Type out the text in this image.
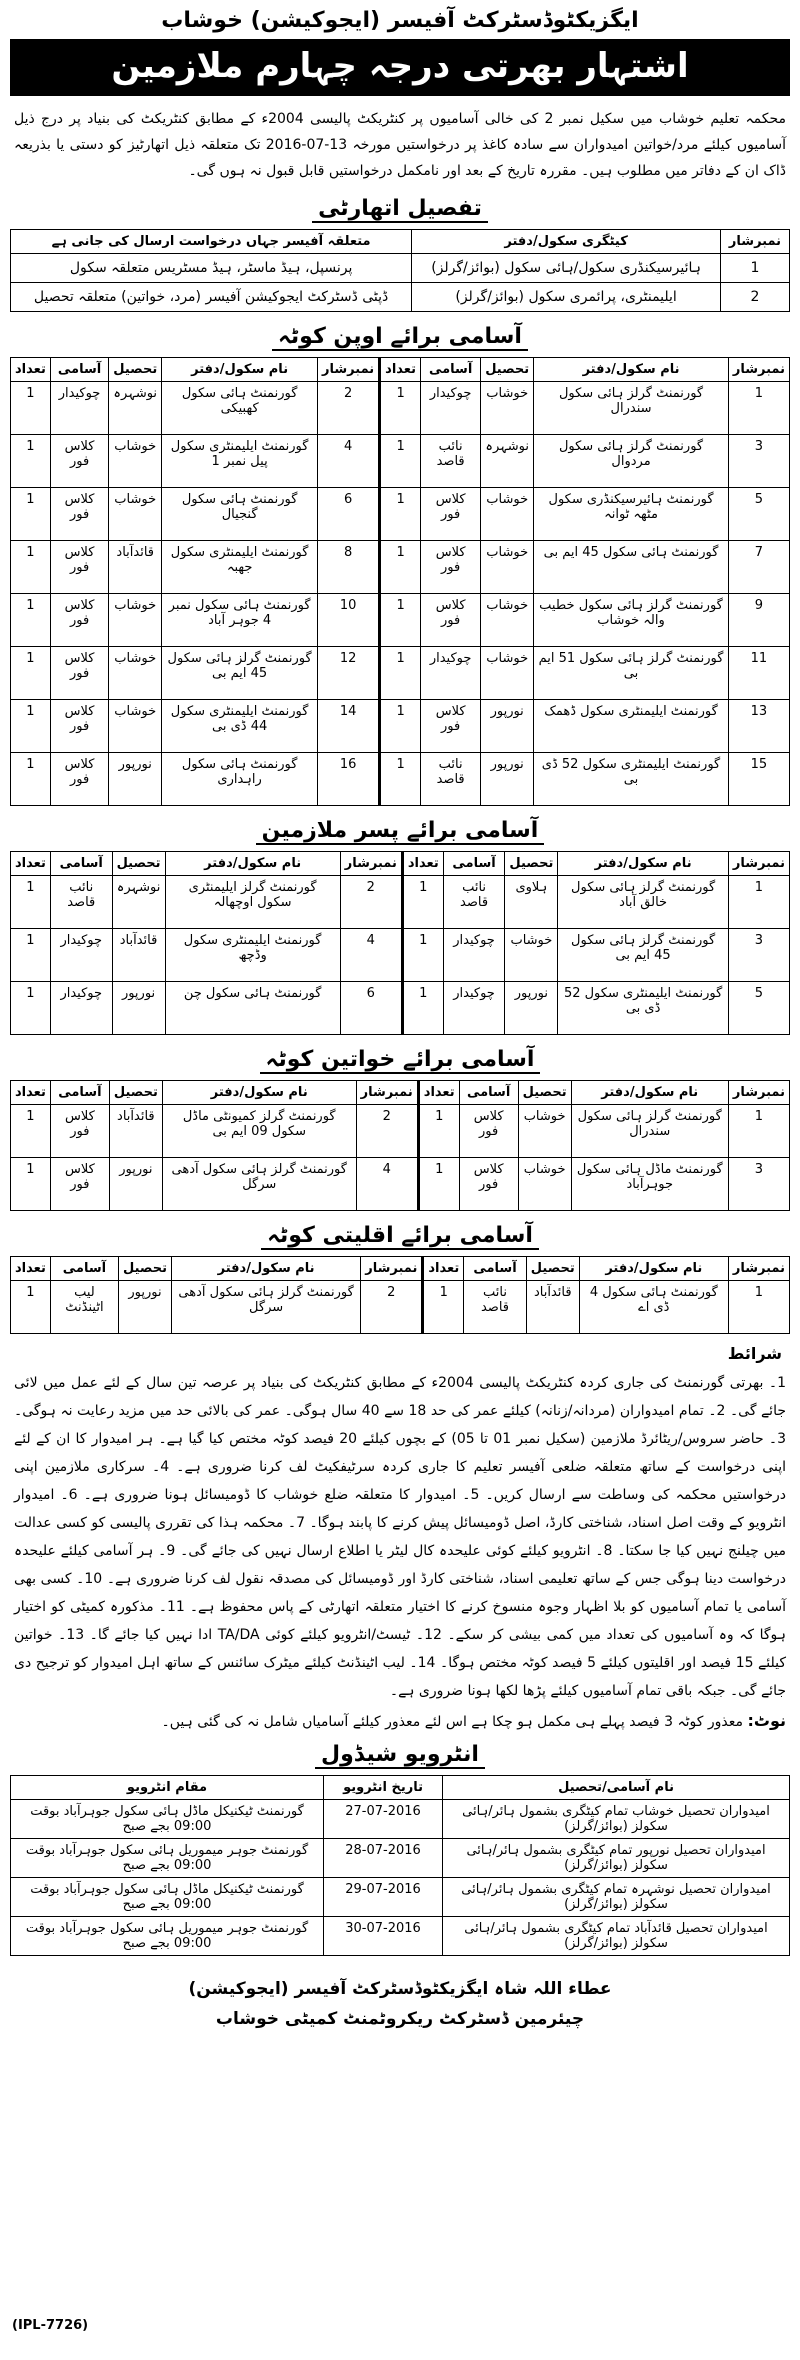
ایگزیکٹوڈسٹرکٹ آفیسر (ایجوکیشن) خوشاب
اشتہار بھرتی درجہ چہارم ملازمین
محکمہ تعلیم خوشاب میں سکیل نمبر 2 کی خالی آسامیوں پر کنٹریکٹ پالیسی 2004ء کے مطابق کنٹریکٹ کی بنیاد پر درج ذیل آسامیوں کیلئے مرد/خواتین امیدواران سے سادہ کاغذ پر درخواستیں مورخہ 13-07-2016 تک متعلقہ ذیل اتھارٹیز کو دستی یا بذریعہ ڈاک ان کے دفاتر میں مطلوب ہیں۔ مقررہ تاریخ کے بعد اور نامکمل درخواستیں قابل قبول نہ ہوں گی۔
تفصیل اتھارٹی
نمبرشار	کیٹگری سکول/دفتر	متعلقہ آفیسر جہاں درخواست ارسال کی جانی ہے
1	ہائیرسیکنڈری سکول/ہائی سکول (بوائز/گرلز)	پرنسپل، ہیڈ ماسٹر، ہیڈ مسٹریس متعلقہ سکول
2	ایلیمنٹری، پرائمری سکول (بوائز/گرلز)	ڈپٹی ڈسٹرکٹ ایجوکیشن آفیسر (مرد، خواتین) متعلقہ تحصیل
آسامی برائے اوپن کوٹہ
نمبرشار	نام سکول/دفتر	تحصیل	آسامی	تعداد	نمبرشار	نام سکول/دفتر	تحصیل	آسامی	تعداد
1	گورنمنٹ گرلز ہائی سکول سندرال	خوشاب	چوکیدار	1	2	گورنمنٹ ہائی سکول کھبیکی	نوشہرہ	چوکیدار	1
3	گورنمنٹ گرلز ہائی سکول مردوال	نوشہرہ	نائب قاصد	1	4	گورنمنٹ ایلیمنٹری سکول پیل نمبر 1	خوشاب	کلاس فور	1
5	گورنمنٹ ہائیرسیکنڈری سکول مٹھہ ٹوانہ	خوشاب	کلاس فور	1	6	گورنمنٹ ہائی سکول گنجیال	خوشاب	کلاس فور	1
7	گورنمنٹ ہائی سکول 45 ایم بی	خوشاب	کلاس فور	1	8	گورنمنٹ ایلیمنٹری سکول جھبہ	قائدآباد	کلاس فور	1
9	گورنمنٹ گرلز ہائی سکول خطیب والہ خوشاب	خوشاب	کلاس فور	1	10	گورنمنٹ ہائی سکول نمبر 4 جوہر آباد	خوشاب	کلاس فور	1
11	گورنمنٹ گرلز ہائی سکول 51 ایم بی	خوشاب	چوکیدار	1	12	گورنمنٹ گرلز ہائی سکول 45 ایم بی	خوشاب	کلاس فور	1
13	گورنمنٹ ایلیمنٹری سکول ڈھمک	نورپور	کلاس فور	1	14	گورنمنٹ ایلیمنٹری سکول 44 ڈی بی	خوشاب	کلاس فور	1
15	گورنمنٹ ایلیمنٹری سکول 52 ڈی بی	نورپور	نائب قاصد	1	16	گورنمنٹ ہائی سکول راہداری	نورپور	کلاس فور	1
آسامی برائے پسر ملازمین
نمبرشار	نام سکول/دفتر	تحصیل	آسامی	تعداد	نمبرشار	نام سکول/دفتر	تحصیل	آسامی	تعداد
1	گورنمنٹ گرلز ہائی سکول خالق آباد	ہلاوی	نائب قاصد	1	2	گورنمنٹ گرلز ایلیمنٹری سکول اوچھالہ	نوشہرہ	نائب قاصد	1
3	گورنمنٹ گرلز ہائی سکول 45 ایم بی	خوشاب	چوکیدار	1	4	گورنمنٹ ایلیمنٹری سکول وڈچھ	قائدآباد	چوکیدار	1
5	گورنمنٹ ایلیمنٹری سکول 52 ڈی بی	نورپور	چوکیدار	1	6	گورنمنٹ ہائی سکول چن	نورپور	چوکیدار	1
آسامی برائے خواتین کوٹہ
نمبرشار	نام سکول/دفتر	تحصیل	آسامی	تعداد	نمبرشار	نام سکول/دفتر	تحصیل	آسامی	تعداد
1	گورنمنٹ گرلز ہائی سکول سندرال	خوشاب	کلاس فور	1	2	گورنمنٹ گرلز کمیونٹی ماڈل سکول 09 ایم بی	قائدآباد	کلاس فور	1
3	گورنمنٹ ماڈل ہائی سکول جوہرآباد	خوشاب	کلاس فور	1	4	گورنمنٹ گرلز ہائی سکول آدھی سرگل	نورپور	کلاس فور	1
آسامی برائے اقلیتی کوٹہ
نمبرشار	نام سکول/دفتر	تحصیل	آسامی	تعداد	نمبرشار	نام سکول/دفتر	تحصیل	آسامی	تعداد
1	گورنمنٹ ہائی سکول 4 ڈی اے	قائدآباد	نائب قاصد	1	2	گورنمنٹ گرلز ہائی سکول آدھی سرگل	نورپور	لیب اٹینڈنٹ	1
شرائط
1۔ بھرتی گورنمنٹ کی جاری کردہ کنٹریکٹ پالیسی 2004ء کے مطابق کنٹریکٹ کی بنیاد پر عرصہ تین سال کے لئے عمل میں لائی جائے گی۔ 2۔ تمام امیدواران (مردانہ/زنانہ) کیلئے عمر کی حد 18 سے 40 سال ہوگی۔ عمر کی بالائی حد میں مزید رعایت نہ ہوگی۔ 3۔ حاضر سروس/ریٹائرڈ ملازمین (سکیل نمبر 01 تا 05) کے بچوں کیلئے 20 فیصد کوٹہ مختص کیا گیا ہے۔ ہر امیدوار کا ان کے لئے اپنی درخواست کے ساتھ متعلقہ ضلعی آفیسر تعلیم کا جاری کردہ سرٹیفکیٹ لف کرنا ضروری ہے۔ 4۔ سرکاری ملازمین اپنی درخواستیں محکمہ کی وساطت سے ارسال کریں۔ 5۔ امیدوار کا متعلقہ ضلع خوشاب کا ڈومیسائل ہونا ضروری ہے۔ 6۔ امیدوار انٹرویو کے وقت اصل اسناد، شناختی کارڈ، اصل ڈومیسائل پیش کرنے کا پابند ہوگا۔ 7۔ محکمہ ہذا کی تقرری پالیسی کو کسی عدالت میں چیلنج نہیں کیا جا سکتا۔ 8۔ انٹرویو کیلئے کوئی علیحدہ کال لیٹر یا اطلاع ارسال نہیں کی جائے گی۔ 9۔ ہر آسامی کیلئے علیحدہ درخواست دینا ہوگی جس کے ساتھ تعلیمی اسناد، شناختی کارڈ اور ڈومیسائل کی مصدقہ نقول لف کرنا ضروری ہے۔ 10۔ کسی بھی آسامی یا تمام آسامیوں کو بلا اظہار وجوہ منسوخ کرنے کا اختیار متعلقہ اتھارٹی کے پاس محفوظ ہے۔ 11۔ مذکورہ کمیٹی کو اختیار ہوگا کہ وہ آسامیوں کی تعداد میں کمی بیشی کر سکے۔ 12۔ ٹیسٹ/انٹرویو کیلئے کوئی TA/DA ادا نہیں کیا جائے گا۔ 13۔ خواتین کیلئے 15 فیصد اور اقلیتوں کیلئے 5 فیصد کوٹہ مختص ہوگا۔ 14۔ لیب اٹینڈنٹ کیلئے میٹرک سائنس کے ساتھ اہل امیدوار کو ترجیح دی جائے گی۔ جبکہ باقی تمام آسامیوں کیلئے پڑھا لکھا ہونا ضروری ہے۔
نوٹ: معذور کوٹہ 3 فیصد پہلے ہی مکمل ہو چکا ہے اس لئے معذور کیلئے آسامیاں شامل نہ کی گئی ہیں۔
انٹرویو شیڈول
نام آسامی/تحصیل	تاریخ انٹرویو	مقام انٹرویو
امیدواران تحصیل خوشاب تمام کیٹگری بشمول ہائر/ہائی سکولز (بوائز/گرلز)	27-07-2016	گورنمنٹ ٹیکنیکل ماڈل ہائی سکول جوہرآباد بوقت 09:00 بجے صبح
امیدواران تحصیل نورپور تمام کیٹگری بشمول ہائر/ہائی سکولز (بوائز/گرلز)	28-07-2016	گورنمنٹ جوہر میموریل ہائی سکول جوہرآباد بوقت 09:00 بجے صبح
امیدواران تحصیل نوشہرہ تمام کیٹگری بشمول ہائر/ہائی سکولز (بوائز/گرلز)	29-07-2016	گورنمنٹ ٹیکنیکل ماڈل ہائی سکول جوہرآباد بوقت 09:00 بجے صبح
امیدواران تحصیل قائدآباد تمام کیٹگری بشمول ہائر/ہائی سکولز (بوائز/گرلز)	30-07-2016	گورنمنٹ جوہر میموریل ہائی سکول جوہرآباد بوقت 09:00 بجے صبح
عطاء اللہ شاہ ایگزیکٹوڈسٹرکٹ آفیسر (ایجوکیشن)
چیئرمین ڈسٹرکٹ ریکروٹمنٹ کمیٹی خوشاب
(IPL-7726)
